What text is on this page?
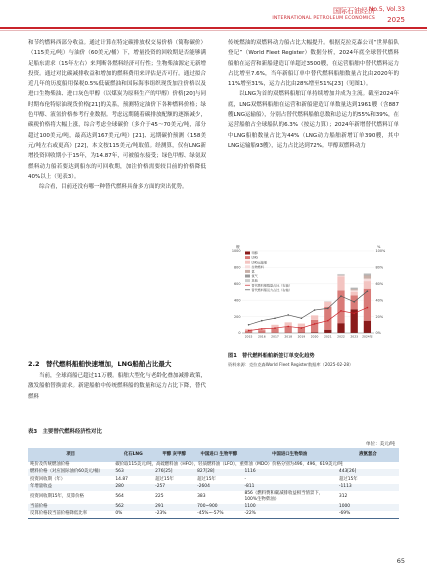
国际石油经济
INTERNATIONAL PETROLEUM ECONOMICS
No.5, Vol.33
2025

和节约燃料西部分收益。通过计算在特定碳排放权交易价格（简称碳价）（115美元/吨）与油价（60美元/桶）下，增量投资的回收期是否能够满足船东需求（15年左右）来判断各燃料经济可行性；生物柴油源定无新增投资。通过对比碳减排收益和增加的燃料费用来评估是否可行。通过拟合近几年的历度船用保税0.5%低硫燃油和国际海事组织现货加注价格以及进口生物柴油、进口灰色甲醇（以煤炭为原料生产的甲醇）价格[20]与同时期布伦特原油现货价格[21]的关系，预测特定油价下各种燃料价格；绿色甲醇、液氢价格参考行业数据。考虑远期随着碳排放配额的逐渐减少，碳税价格将大幅上涨，综合考虑全球碳价（多介于45～70美元/吨，部分超过100美元/吨，最高达到167美元/吨）[21]、远期碳价预测（158美元/吨左右或更高）[22]，本文按115美元/吨取值。经测算，仅有LNG新增投资回收期小于15年，为14.87年，可被船东接受；绿色甲醇、绿氨双燃料动力船若要达到船东的可回收期，加注价格需要较目前的价格降低40%以上（见表3）。

综合看，目前还没有哪一种替代燃料具备多方面的突出优势。

2.2　替代燃料船舶快速增加，LNG船舶占比最大

当前，全球商船已超过11万艘。船舶大型化与老龄化叠加减排政策，激发船舶替换需求。新建船舶中传统燃料船的数量和运力占比下降，替代燃料

传统燃油的双燃料动力船占比大幅提升。根据克拉克森公司“世界船队登记”（World Fleet Register）数据分析，2024年底全球替代燃料船舶在运营和新船建造订单超过3500艘，在运营船舶中替代燃料运力占比增至7.6%，当年新船订单中替代燃料船舶数量占比由2020年的11%增至31%，运力占比由28%增至51%[23]（见图1）。

以LNG为首的双燃料船舶订单持续增加并成为主流。截至2024年底，LNG双燃料船舶在运营和新船建造订单数量达到1961艘（含887艘LNG运输船），分别占替代燃料船舶总数和总运力的55%和39%，在运营船舶占全球船队的6.3%（按运力算）；2024年新增替代燃料订单中LNG船舶数量占比为44%（LNG动力船舶新增订单390艘，其中LNG运输船93艘），运力占比达到72%。甲醇双燃料动力

0
200
400
600
800
1000
0%
20%
40%
60%
80%
100%
艘	%
2015 2016 2017 2018 2019 2020 2021 2022 2023 2024年
甲醇
LNG
LNG运输船
生物燃料
氨
氢气
其他
替代燃料船数量占比（右轴）
替代燃料船运力占比（右轴）
图1　替代燃料船舶新签订单变化趋势
资料来源：克拉克森World Fleet Register数据库（2025-02-28）
表3　主要替代燃料经济性对比
单位：美元/吨
项目	化石LNG	甲醇 灰甲醇	中国进口 生物甲醇	中国进口生物柴油	液氨氢合
吨价及传统燃油价格	碳价取115美元/吨，高硫燃料油（HFO），轻质燃料油（LFO），重柴油（MDO）价格分别为496，496，619美元/吨				
燃料价格（对应国际油价60美元/桶）	563	276[25]	827[28]	1116	443[26]
投资回收期（年）	14.87	超过15年	超过15年	-	超过15年
年增量收益	280	-257	-2604	-811	-1113
投资回收期15年，反算价格	564	225	383	856（燃料费和碳减排收益相当情景下，100%生物柴油）	312
当前价格	562	291	700~900	1100	1000
反算价格较当前价格降低比率	0%	-23%	-45%~-57%	-22%	-69%
65
